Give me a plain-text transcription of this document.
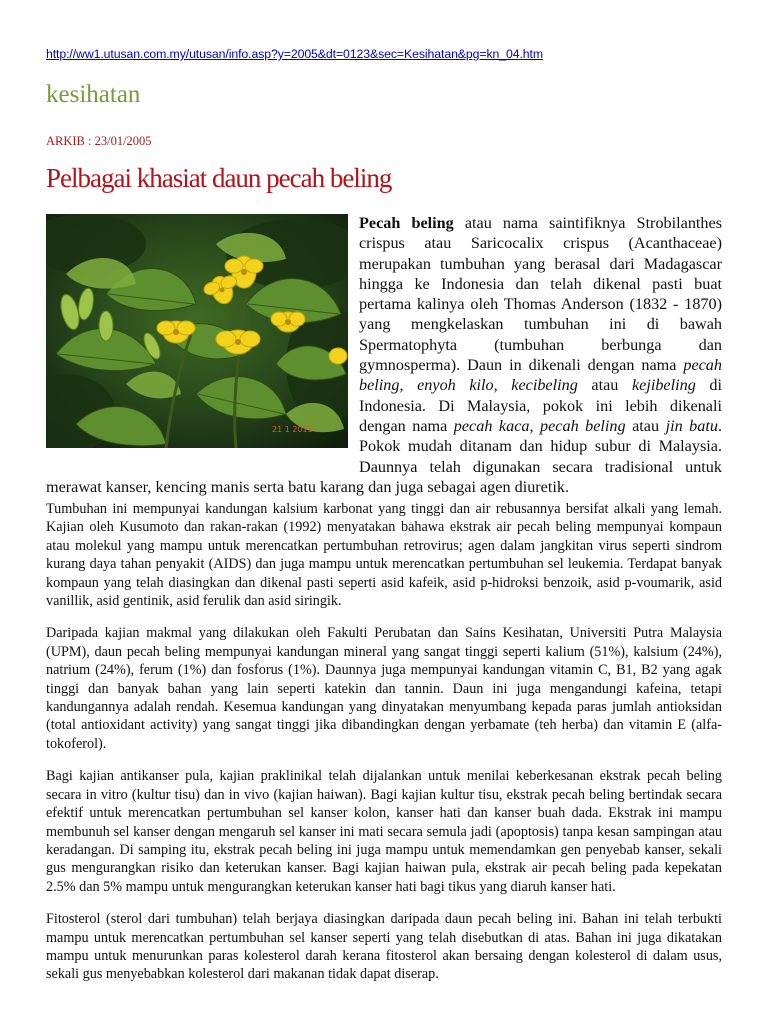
http://ww1.utusan.com.my/utusan/info.asp?y=2005&dt=0123&sec=Kesihatan&pg=kn_04.htm
kesihatan
ARKIB : 23/01/2005
Pelbagai khasiat daun pecah beling
21 1 2011
Pecah beling atau nama saintifiknya Strobilanthes crispus atau Saricocalix crispus (Acanthaceae) merupakan tumbuhan yang berasal dari Madagascar hingga ke Indonesia dan telah dikenal pasti buat pertama kalinya oleh Thomas Anderson (1832 - 1870) yang mengkelaskan tumbuhan ini di bawah Spermatophyta (tumbuhan berbunga dan gymnosperma). Daun in dikenali dengan nama pecah beling, enyoh kilo, kecibeling atau kejibeling di Indonesia. Di Malaysia, pokok ini lebih dikenali dengan nama pecah kaca, pecah beling atau jin batu. Pokok mudah ditanam dan hidup subur di Malaysia. Daunnya telah digunakan secara tradisional untuk merawat kanser, kencing manis serta batu karang dan juga sebagai agen diuretik.

Tumbuhan ini mempunyai kandungan kalsium karbonat yang tinggi dan air rebusannya bersifat alkali yang lemah. Kajian oleh Kusumoto dan rakan-rakan (1992) menyatakan bahawa ekstrak air pecah beling mempunyai kompaun atau molekul yang mampu untuk merencatkan pertumbuhan retrovirus; agen dalam jangkitan virus seperti sindrom kurang daya tahan penyakit (AIDS) dan juga mampu untuk merencatkan pertumbuhan sel leukemia. Terdapat banyak kompaun yang telah diasingkan dan dikenal pasti seperti asid kafeik, asid p-hidroksi benzoik, asid p-voumarik, asid vanillik, asid gentinik, asid ferulik dan asid siringik.

Daripada kajian makmal yang dilakukan oleh Fakulti Perubatan dan Sains Kesihatan, Universiti Putra Malaysia (UPM), daun pecah beling mempunyai kandungan mineral yang sangat tinggi seperti kalium (51%), kalsium (24%), natrium (24%), ferum (1%) dan fosforus (1%). Daunnya juga mempunyai kandungan vitamin C, B1, B2 yang agak tinggi dan banyak bahan yang lain seperti katekin dan tannin. Daun ini juga mengandungi kafeina, tetapi kandungannya adalah rendah. Kesemua kandungan yang dinyatakan menyumbang kepada paras jumlah antioksidan (total antioxidant activity) yang sangat tinggi jika dibandingkan dengan yerbamate (teh herba) dan vitamin E (alfa-tokoferol).

Bagi kajian antikanser pula, kajian praklinikal telah dijalankan untuk menilai keberkesanan ekstrak pecah beling secara in vitro (kultur tisu) dan in vivo (kajian haiwan). Bagi kajian kultur tisu, ekstrak pecah beling bertindak secara efektif untuk merencatkan pertumbuhan sel kanser kolon, kanser hati dan kanser buah dada. Ekstrak ini mampu membunuh sel kanser dengan mengaruh sel kanser ini mati secara semula jadi (apoptosis) tanpa kesan sampingan atau keradangan. Di samping itu, ekstrak pecah beling ini juga mampu untuk memendamkan gen penyebab kanser, sekali gus mengurangkan risiko dan keterukan kanser. Bagi kajian haiwan pula, ekstrak air pecah beling pada kepekatan 2.5% dan 5% mampu untuk mengurangkan keterukan kanser hati bagi tikus yang diaruh kanser hati.

Fitosterol (sterol dari tumbuhan) telah berjaya diasingkan daripada daun pecah beling ini. Bahan ini telah terbukti mampu untuk merencatkan pertumbuhan sel kanser seperti yang telah disebutkan di atas. Bahan ini juga dikatakan mampu untuk menurunkan paras kolesterol darah kerana fitosterol akan bersaing dengan kolesterol di dalam usus, sekali gus menyebabkan kolesterol dari makanan tidak dapat diserap.
